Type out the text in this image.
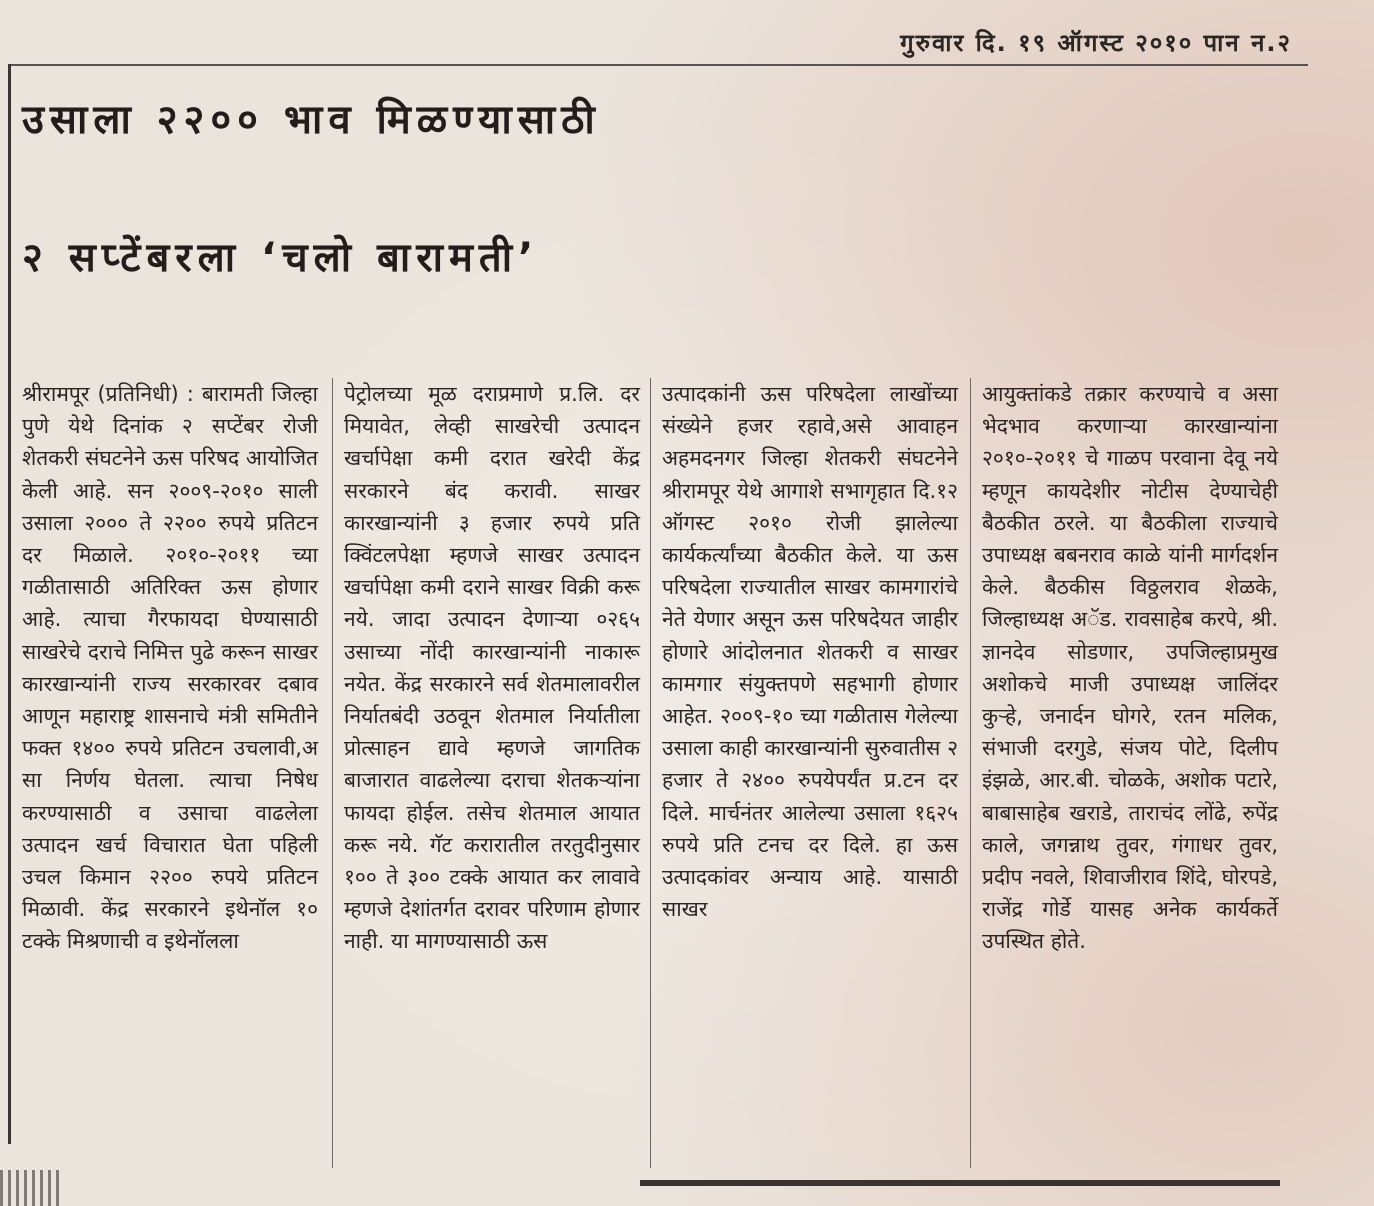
गुरुवार दि. १९ ऑगस्ट २०१० पान न.२
उसाला २२०० भाव मिळण्यासाठी
२ सप्टेंबरला ‘चलो बारामती’

श्रीरामपूर (प्रतिनिधी) : बारामती जिल्हा पुणे येथे दिनांक २ सप्टेंबर रोजी शेतकरी संघटनेने ऊस परिषद आयोजित केली आहे. सन २००९-२०१० साली उसाला २००० ते २२०० रुपये प्रतिटन दर मिळाले. २०१०-२०११ च्या गळीतासाठी अतिरिक्त ऊस होणार आहे. त्याचा गैरफायदा घेण्यासाठी साखरेचे दराचे निमित्त पुढे करून साखर कारखान्यांनी राज्य सरकारवर दबाव आणून महाराष्ट्र शासनाचे मंत्री समितीने फक्त १४०० रुपये प्रतिटन उचलावी,अ सा निर्णय घेतला. त्याचा निषेध करण्यासाठी व उसाचा वाढलेला उत्पादन खर्च विचारात घेता पहिली उचल किमान २२०० रुपये प्रतिटन मिळावी. केंद्र सरकारने इथेनॉल १० टक्के मिश्रणाची व इथेनॉलला

पेट्रोलच्या मूळ दराप्रमाणे प्र.लि. दर मियावेत, लेव्ही साखरेची उत्पादन खर्चापेक्षा कमी दरात खरेदी केंद्र सरकारने बंद करावी. साखर कारखान्यांनी ३ हजार रुपये प्रति क्विंटलपेक्षा म्हणजे साखर उत्पादन खर्चापेक्षा कमी दराने साखर विक्री करू नये. जादा उत्पादन देणाऱ्या ०२६५ उसाच्या नोंदी कारखान्यांनी नाकारू नयेत. केंद्र सरकारने सर्व शेतमालावरील निर्यातबंदी उठवून शेतमाल निर्यातीला प्रोत्साहन द्यावे म्हणजे जागतिक बाजारात वाढलेल्या दराचा शेतकऱ्यांना फायदा होईल. तसेच शेतमाल आयात करू नये. गॅट करारातील तरतुदीनुसार १०० ते ३०० टक्के आयात कर लावावे म्हणजे देशांतर्गत दरावर परिणाम होणार नाही. या मागण्यासाठी ऊस

उत्पादकांनी ऊस परिषदेला लाखोंच्या संख्येने हजर रहावे,असे आवाहन अहमदनगर जिल्हा शेतकरी संघटनेने श्रीरामपूर येथे आगाशे सभागृहात दि.१२ ऑगस्ट २०१० रोजी झालेल्या कार्यकर्त्यांच्या बैठकीत केले. या ऊस परिषदेला राज्यातील साखर कामगारांचे नेते येणार असून ऊस परिषदेयत जाहीर होणारे आंदोलनात शेतकरी व साखर कामगार संयुक्तपणे सहभागी होणार आहेत. २००९-१० च्या गळीतास गेलेल्या उसाला काही कारखान्यांनी सुरुवातीस २ हजार ते २४०० रुपयेपर्यंत प्र.टन दर दिले. मार्चनंतर आलेल्या उसाला १६२५ रुपये प्रति टनच दर दिले. हा ऊस उत्पादकांवर अन्याय आहे. यासाठी साखर

आयुक्तांकडे तक्रार करण्याचे व असा भेदभाव करणाऱ्या कारखान्यांना २०१०-२०११ चे गाळप परवाना देवू नये म्हणून कायदेशीर नोटीस देण्याचेही बैठकीत ठरले. या बैठकीला राज्याचे उपाध्यक्ष बबनराव काळे यांनी मार्गदर्शन केले. बैठकीस विठ्ठलराव शेळके, जिल्हाध्यक्ष अॅड. रावसाहेब करपे, श्री. ज्ञानदेव सोडणार, उपजिल्हाप्रमुख अशोकचे माजी उपाध्यक्ष जालिंदर कुऱ्हे, जनार्दन घोगरे, रतन मलिक, संभाजी दरगुडे, संजय पोटे, दिलीप इंझळे, आर.बी. चोळके, अशोक पटारे, बाबासाहेब खराडे, ताराचंद लोंढे, रुपेंद्र काले, जगन्नाथ तुवर, गंगाधर तुवर, प्रदीप नवले, शिवाजीराव शिंदे, घोरपडे, राजेंद्र गोर्डे यासह अनेक कार्यकर्ते उपस्थित होते.
